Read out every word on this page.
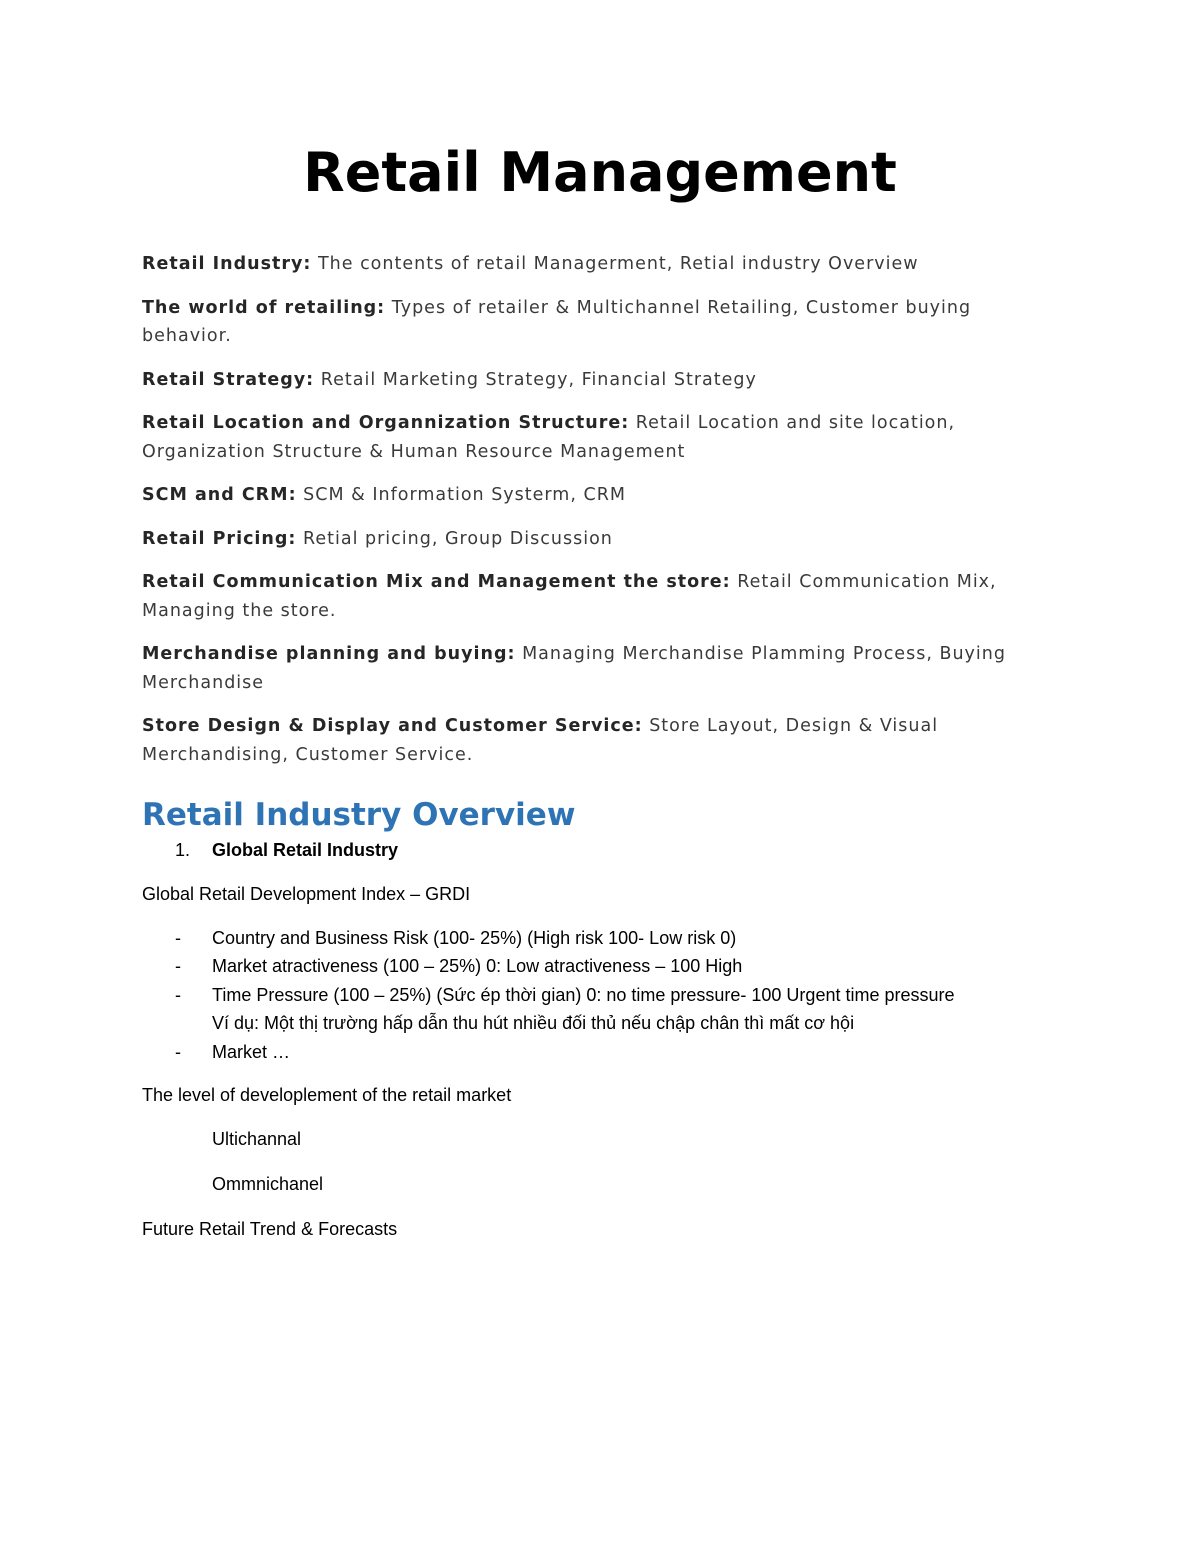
Retail Management

Retail Industry: The contents of retail Managerment, Retial industry Overview

The world of retailing: Types of retailer & Multichannel Retailing, Customer buying behavior.

Retail Strategy: Retail Marketing Strategy, Financial Strategy

Retail Location and Organnization Structure: Retail Location and site location, Organization Structure & Human Resource Management

SCM and CRM: SCM & Information Systerm, CRM

Retail Pricing: Retial pricing, Group Discussion

Retail Communication Mix and Management the store: Retail Communication Mix, Managing the store.

Merchandise planning and buying: Managing Merchandise Plamming Process, Buying Merchandise

Store Design & Display and Customer Service: Store Layout, Design & Visual Merchandising, Customer Service.

Retail Industry Overview
1.	Global Retail Industry

Global Retail Development Index – GRDI

-	Country and Business Risk (100- 25%) (High risk 100- Low risk 0)
-	Market atractiveness (100 – 25%) 0: Low atractiveness – 100 High
-	Time Pressure (100 – 25%) (Sức ép thời gian) 0: no time pressure- 100 Urgent time pressure
Ví dụ: Một thị trường hấp dẫn thu hút nhiều đối thủ nếu chập chân thì mất cơ hội
-	Market …

The level of developlement of the retail market

Ultichannal

Ommnichanel

Future Retail Trend & Forecasts
